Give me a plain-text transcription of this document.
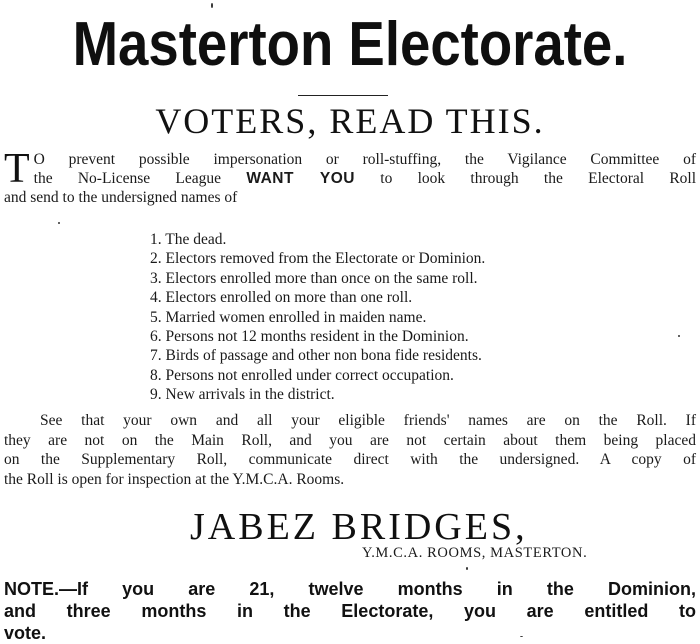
Masterton Electorate.
VOTERS, READ THIS.
T O prevent possible impersonation or roll-stuffing, the Vigilance Committee of
the No-License League WANT YOU to look through the Electoral Roll
and send to the undersigned names of
1. The dead.
2. Electors removed from the Electorate or Dominion.
3. Electors enrolled more than once on the same roll.
4. Electors enrolled on more than one roll.
5. Married women enrolled in maiden name.
6. Persons not 12 months resident in the Dominion.
7. Birds of passage and other non bona fide residents.
8. Persons not enrolled under correct occupation.
9. New arrivals in the district.
See that your own and all your eligible friends' names are on the Roll. If
they are not on the Main Roll, and you are not certain about them being placed
on the Supplementary Roll, communicate direct with the undersigned. A copy of
the Roll is open for inspection at the Y.M.C.A. Rooms.
JABEZ BRIDGES,
Y.M.C.A. ROOMS, MASTERTON.
NOTE.—If you are 21, twelve months in the Dominion,
and three months in the Electorate, you are entitled to
vote.
